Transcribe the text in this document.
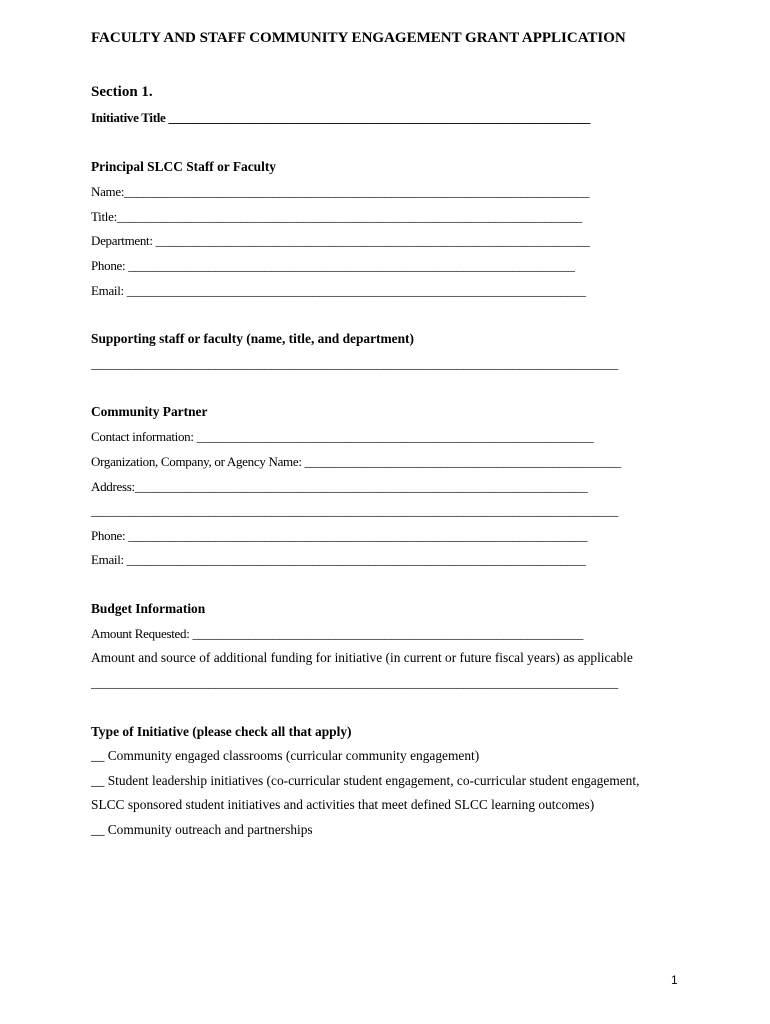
FACULTY AND STAFF COMMUNITY ENGAGEMENT GRANT APPLICATION
Section 1.
Initiative Title ____________________________________________________________________
Principal SLCC Staff or Faculty
Name:___________________________________________________________________________
Title:___________________________________________________________________________
Department: ______________________________________________________________________
Phone: ________________________________________________________________________
Email: __________________________________________________________________________
Supporting staff or faculty (name, title, and department)
_____________________________________________________________________________________
Community Partner
Contact information: ________________________________________________________________
Organization, Company, or Agency Name: ___________________________________________________
Address:_________________________________________________________________________
_____________________________________________________________________________________
Phone: __________________________________________________________________________
Email: __________________________________________________________________________
Budget Information
Amount Requested: _______________________________________________________________
Amount and source of additional funding for initiative (in current or future fiscal years) as applicable
_____________________________________________________________________________________
Type of Initiative (please check all that apply)
__ Community engaged classrooms (curricular community engagement)
__ Student leadership initiatives (co-curricular student engagement, co-curricular student engagement,
SLCC sponsored student initiatives and activities that meet defined SLCC learning outcomes)
__ Community outreach and partnerships
1
